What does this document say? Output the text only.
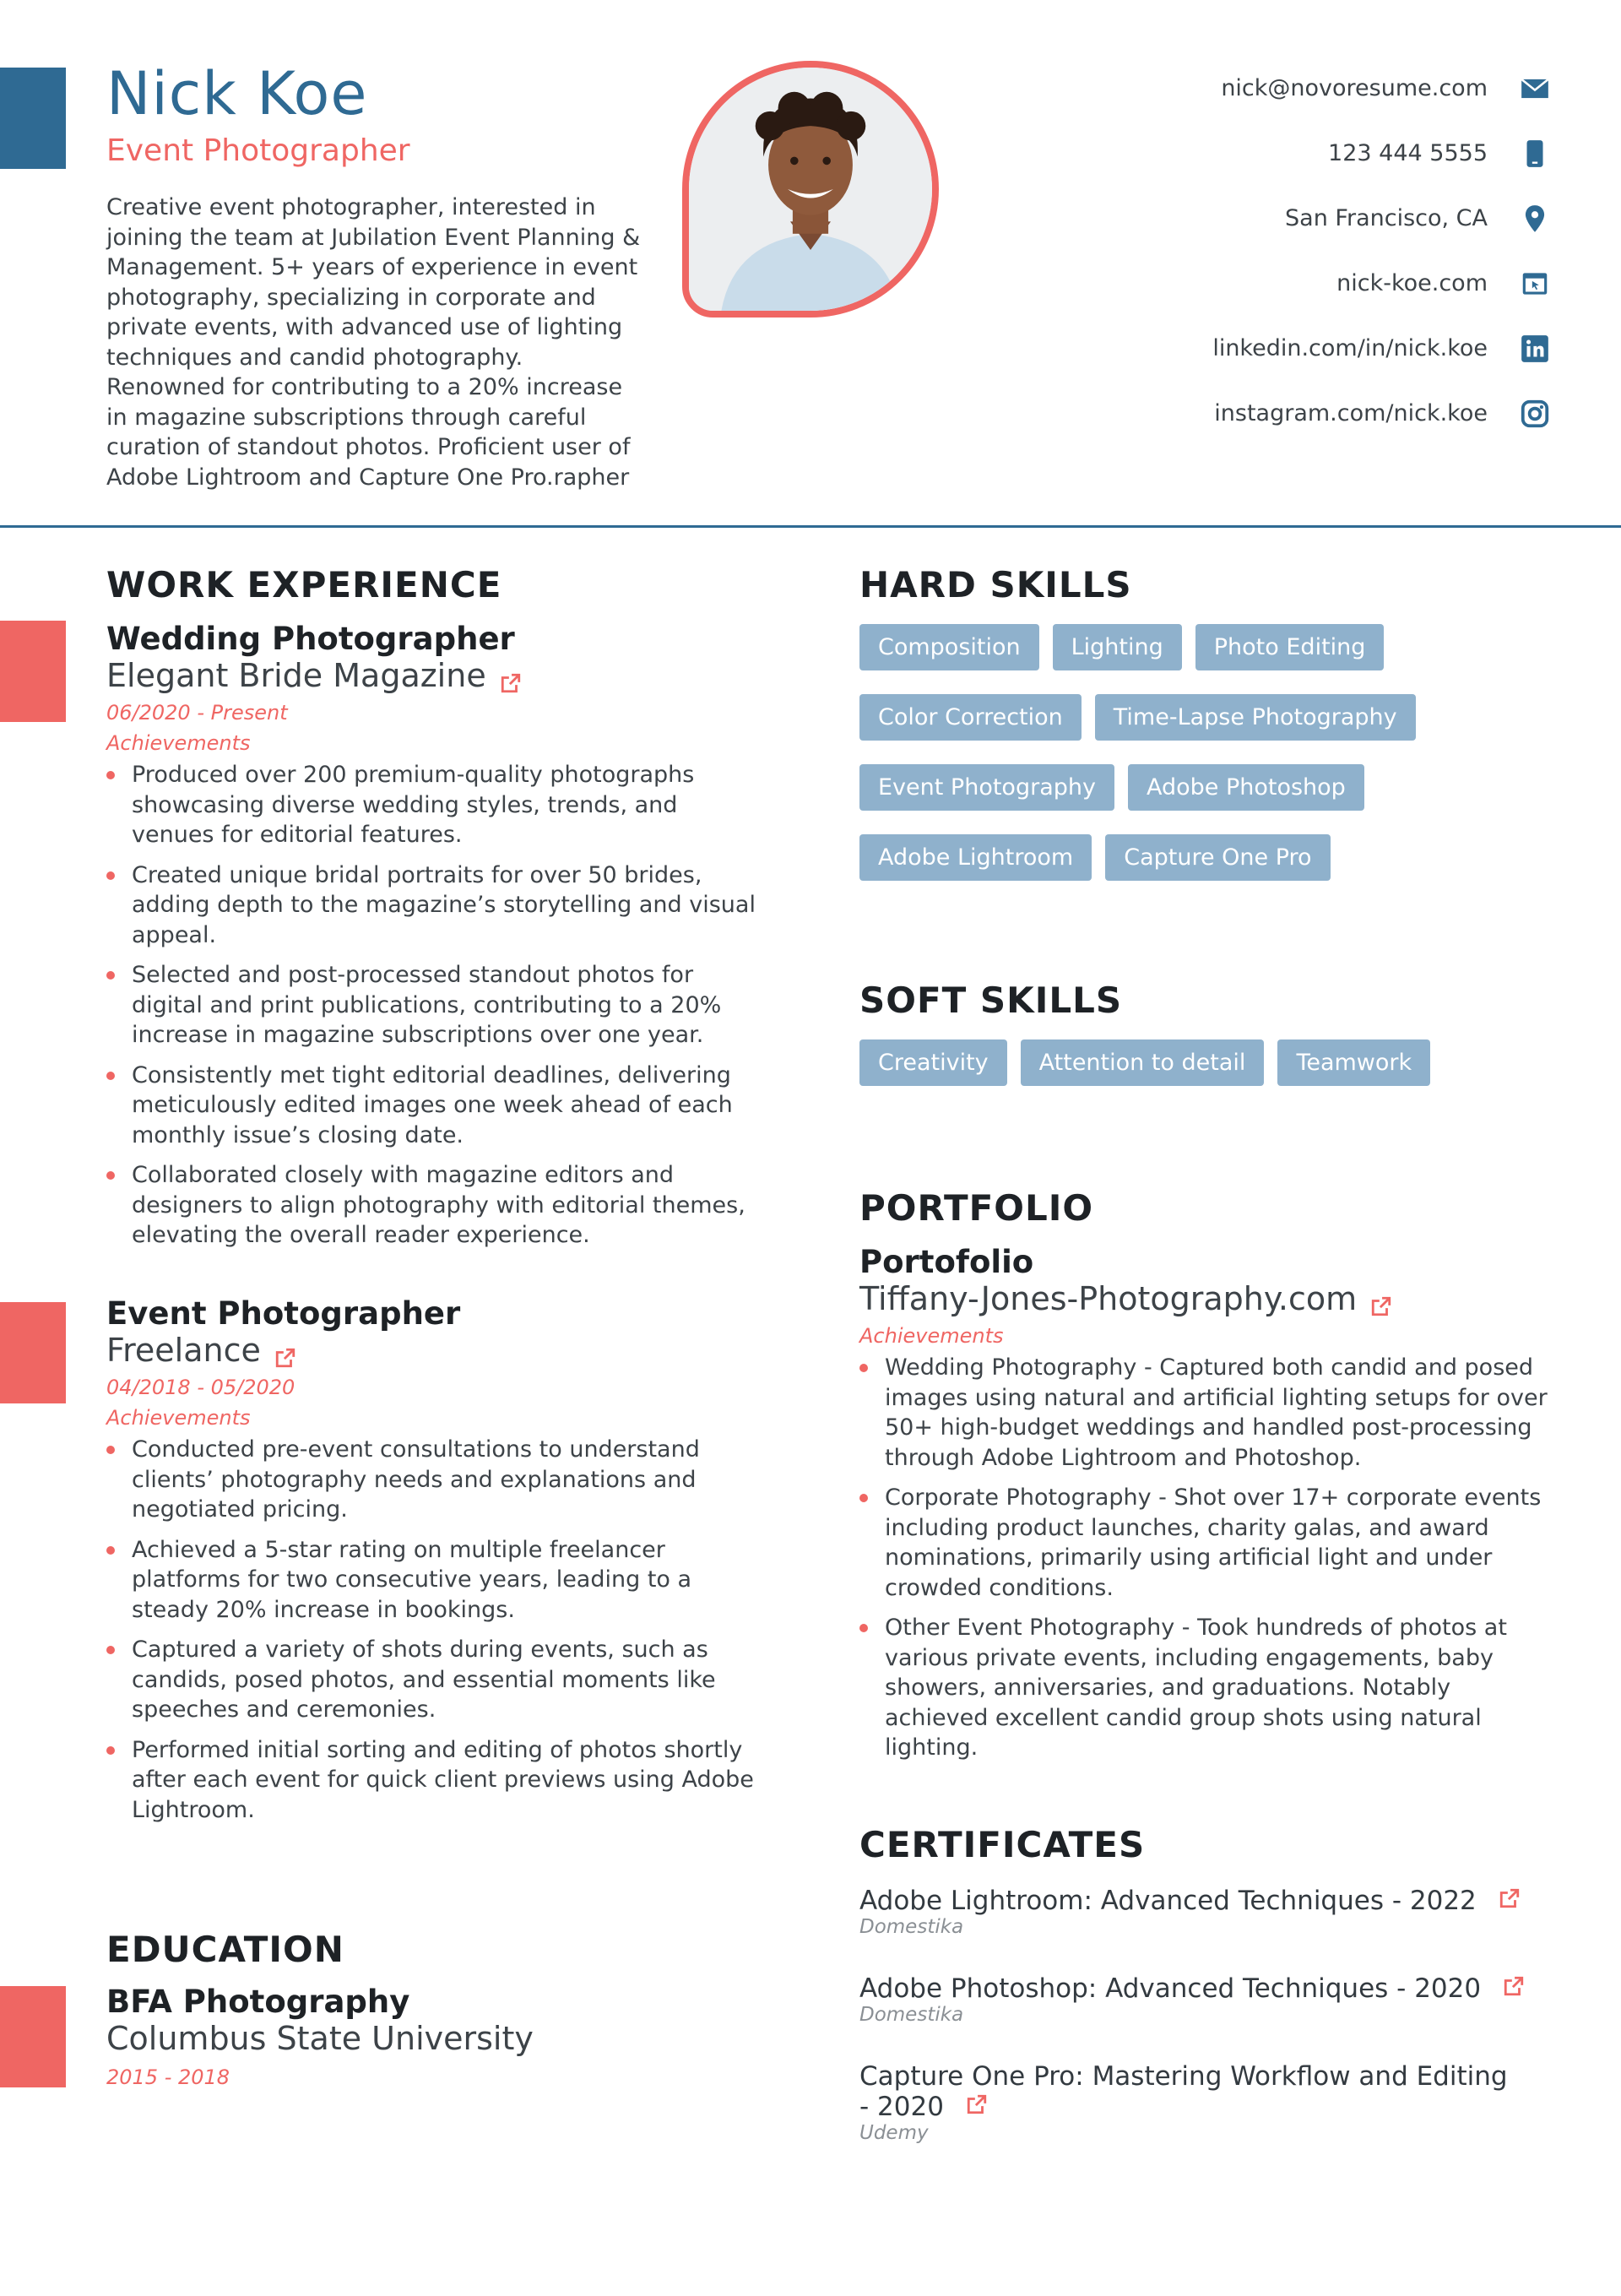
Nick Koe
Event Photographer
Creative event photographer, interested in joining the team at Jubilation Event Planning & Management. 5+ years of experience in event photography, specializing in corporate and private events, with advanced use of lighting techniques and candid photography. Renowned for contributing to a 20% increase in magazine subscriptions through careful curation of standout photos. Proficient user of Adobe Lightroom and Capture One Pro.rapher
nick@novoresume.com
123 444 5555
San Francisco, CA
nick-koe.com
linkedin.com/in/nick.koe
instagram.com/nick.koe
WORK EXPERIENCE
Wedding Photographer
Elegant Bride Magazine
06/2020 - Present
Achievements
Produced over 200 premium-quality photographs showcasing diverse wedding styles, trends, and venues for editorial features.
Created unique bridal portraits for over 50 brides, adding depth to the magazine’s storytelling and visual appeal.
Selected and post-processed standout photos for digital and print publications, contributing to a 20% increase in magazine subscriptions over one year.
Consistently met tight editorial deadlines, delivering meticulously edited images one week ahead of each monthly issue’s closing date.
Collaborated closely with magazine editors and designers to align photography with editorial themes, elevating the overall reader experience.
Event Photographer
Freelance
04/2018 - 05/2020
Achievements
Conducted pre-event consultations to understand clients’ photography needs and explanations and negotiated pricing.
Achieved a 5-star rating on multiple freelancer platforms for two consecutive years, leading to a steady 20% increase in bookings.
Captured a variety of shots during events, such as candids, posed photos, and essential moments like speeches and ceremonies.
Performed initial sorting and editing of photos shortly after each event for quick client previews using Adobe Lightroom.
EDUCATION
BFA Photography
Columbus State University
2015 - 2018
HARD SKILLS
Composition	Lighting	Photo Editing
Color Correction	Time-Lapse Photography
Event Photography	Adobe Photoshop
Adobe Lightroom	Capture One Pro
SOFT SKILLS
Creativity	Attention to detail	Teamwork
PORTFOLIO
Portofolio
Tiffany-Jones-Photography.com
Achievements
Wedding Photography - Captured both candid and posed images using natural and artificial lighting setups for over 50+ high-budget weddings and handled post-processing through Adobe Lightroom and Photoshop.
Corporate Photography - Shot over 17+ corporate events including product launches, charity galas, and award nominations, primarily using artificial light and under crowded conditions.
Other Event Photography - Took hundreds of photos at various private events, including engagements, baby showers, anniversaries, and graduations. Notably achieved excellent candid group shots using natural lighting.
CERTIFICATES
Adobe Lightroom: Advanced Techniques - 2022
Domestika
Adobe Photoshop: Advanced Techniques - 2020
Domestika
Capture One Pro: Mastering Workflow and Editing - 2020
Udemy
